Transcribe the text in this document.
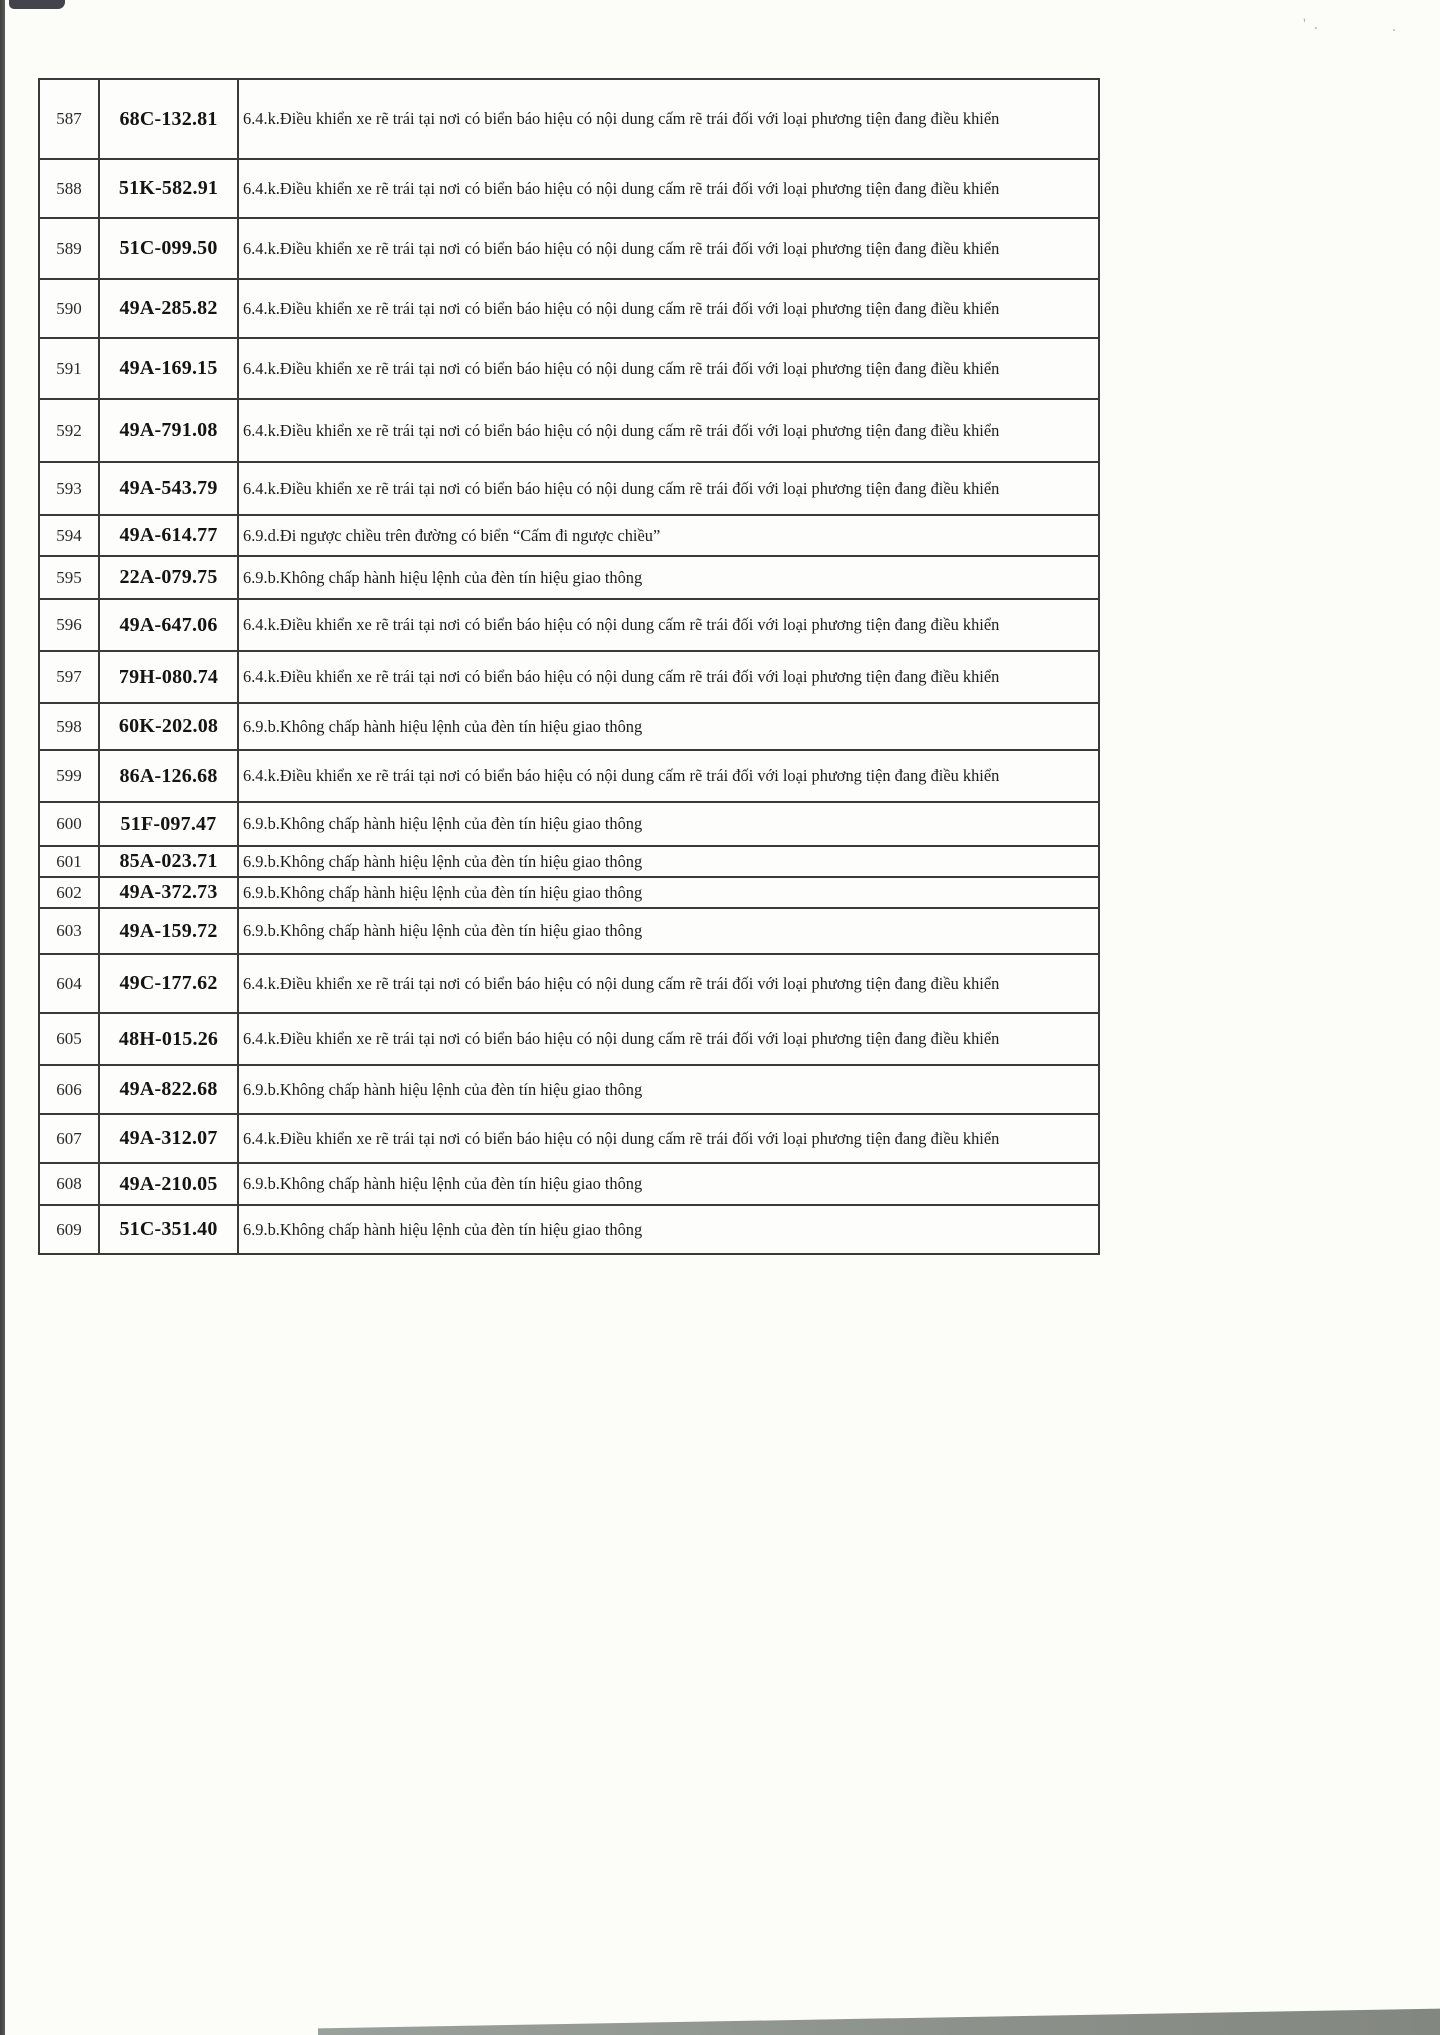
' .	.
587	68C-132.81	6.4.k.Điều khiển xe rẽ trái tại nơi có biển báo hiệu có nội dung cấm rẽ trái đối với loại phương tiện đang điều khiển
588	51K-582.91	6.4.k.Điều khiển xe rẽ trái tại nơi có biển báo hiệu có nội dung cấm rẽ trái đối với loại phương tiện đang điều khiển
589	51C-099.50	6.4.k.Điều khiển xe rẽ trái tại nơi có biển báo hiệu có nội dung cấm rẽ trái đối với loại phương tiện đang điều khiển
590	49A-285.82	6.4.k.Điều khiển xe rẽ trái tại nơi có biển báo hiệu có nội dung cấm rẽ trái đối với loại phương tiện đang điều khiển
591	49A-169.15	6.4.k.Điều khiển xe rẽ trái tại nơi có biển báo hiệu có nội dung cấm rẽ trái đối với loại phương tiện đang điều khiển
592	49A-791.08	6.4.k.Điều khiển xe rẽ trái tại nơi có biển báo hiệu có nội dung cấm rẽ trái đối với loại phương tiện đang điều khiển
593	49A-543.79	6.4.k.Điều khiển xe rẽ trái tại nơi có biển báo hiệu có nội dung cấm rẽ trái đối với loại phương tiện đang điều khiển
594	49A-614.77	6.9.d.Đi ngược chiều trên đường có biển “Cấm đi ngược chiều”
595	22A-079.75	6.9.b.Không chấp hành hiệu lệnh của đèn tín hiệu giao thông
596	49A-647.06	6.4.k.Điều khiển xe rẽ trái tại nơi có biển báo hiệu có nội dung cấm rẽ trái đối với loại phương tiện đang điều khiển
597	79H-080.74	6.4.k.Điều khiển xe rẽ trái tại nơi có biển báo hiệu có nội dung cấm rẽ trái đối với loại phương tiện đang điều khiển
598	60K-202.08	6.9.b.Không chấp hành hiệu lệnh của đèn tín hiệu giao thông
599	86A-126.68	6.4.k.Điều khiển xe rẽ trái tại nơi có biển báo hiệu có nội dung cấm rẽ trái đối với loại phương tiện đang điều khiển
600	51F-097.47	6.9.b.Không chấp hành hiệu lệnh của đèn tín hiệu giao thông
601	85A-023.71	6.9.b.Không chấp hành hiệu lệnh của đèn tín hiệu giao thông
602	49A-372.73	6.9.b.Không chấp hành hiệu lệnh của đèn tín hiệu giao thông
603	49A-159.72	6.9.b.Không chấp hành hiệu lệnh của đèn tín hiệu giao thông
604	49C-177.62	6.4.k.Điều khiển xe rẽ trái tại nơi có biển báo hiệu có nội dung cấm rẽ trái đối với loại phương tiện đang điều khiển
605	48H-015.26	6.4.k.Điều khiển xe rẽ trái tại nơi có biển báo hiệu có nội dung cấm rẽ trái đối với loại phương tiện đang điều khiển
606	49A-822.68	6.9.b.Không chấp hành hiệu lệnh của đèn tín hiệu giao thông
607	49A-312.07	6.4.k.Điều khiển xe rẽ trái tại nơi có biển báo hiệu có nội dung cấm rẽ trái đối với loại phương tiện đang điều khiển
608	49A-210.05	6.9.b.Không chấp hành hiệu lệnh của đèn tín hiệu giao thông
609	51C-351.40	6.9.b.Không chấp hành hiệu lệnh của đèn tín hiệu giao thông
